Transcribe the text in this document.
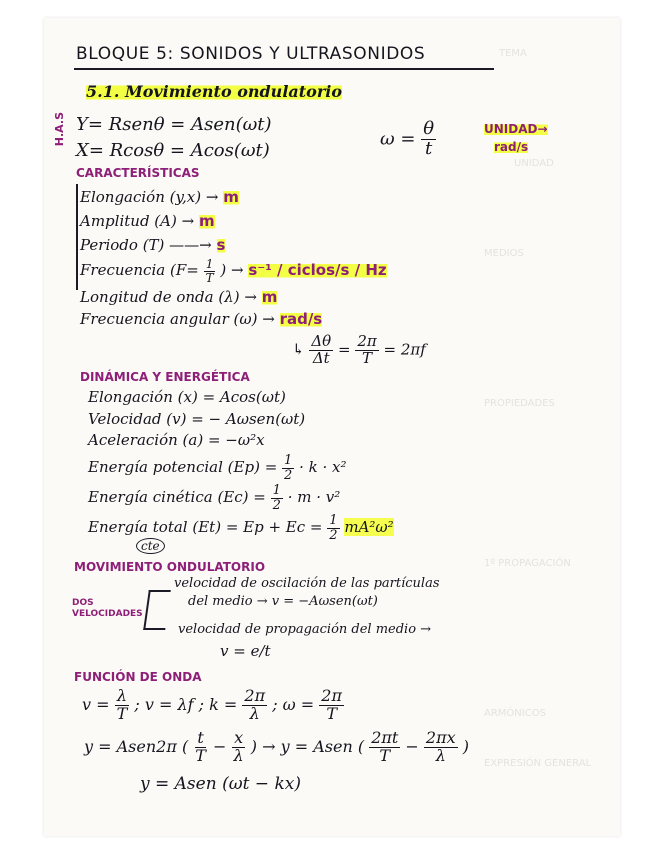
TEMA
UNIDAD
MEDIOS
PROPIEDADES
1º PROPAGACIÓN
ARMÓNICOS
EXPRESIÓN GENERAL
BLOQUE 5: SONIDOS Y ULTRASONIDOS
5.1. Movimiento ondulatorio
H.A.S Y= Rsenθ = Asen(ωt)
X= Rcosθ = Acos(ωt)
$\omega = \frac{\theta}{t}$	UNIDAD→
rad/s
CARACTERÍSTICAS
Elongación (y,x) → m
Amplitud (A) → m
Periodo (T) ——→ s
Frecuencia ($F= \frac{1}{T}$ ) → s⁻¹ / ciclos/s / Hz
Longitud de onda (λ) → m
Frecuencia angular (ω) → rad/s
↳ $\frac{\Delta\theta}{\Delta t} = \frac{2\pi}{T} = 2\pi f$
DINÁMICA Y ENERGÉTICA
Elongación (x) = Acos(ωt)
Velocidad (v) = − Aωsen(ωt)
Aceleración (a) = −ω²x
Energía potencial $(Ep) = \frac{1}{2} \cdot k \cdot x^2$
Energía cinética $(Ec) = \frac{1}{2} \cdot m \cdot v^2$
Energía total $(Et) = Ep + Ec = \frac{1}{2} mA^2\omega^2$
cte
MOVIMIENTO ONDULATORIO
DOS VELOCIDADES
velocidad de oscilación de las partículas
del medio → v = −Aωsen(ωt)
velocidad de propagación del medio →
v = e/t
FUNCIÓN DE ONDA
$v = \frac{\lambda}{T}$ ; v = λf ; $k = \frac{2\pi}{\lambda}$ ; $\omega = \frac{2\pi}{T}$
y = Asen2π ( $\frac{t}{T} - \frac{x}{\lambda}$ ) → y = Asen ( $\frac{2\pi t}{T} - \frac{2\pi x}{\lambda}$ )
y = Asen (ωt − kx)
